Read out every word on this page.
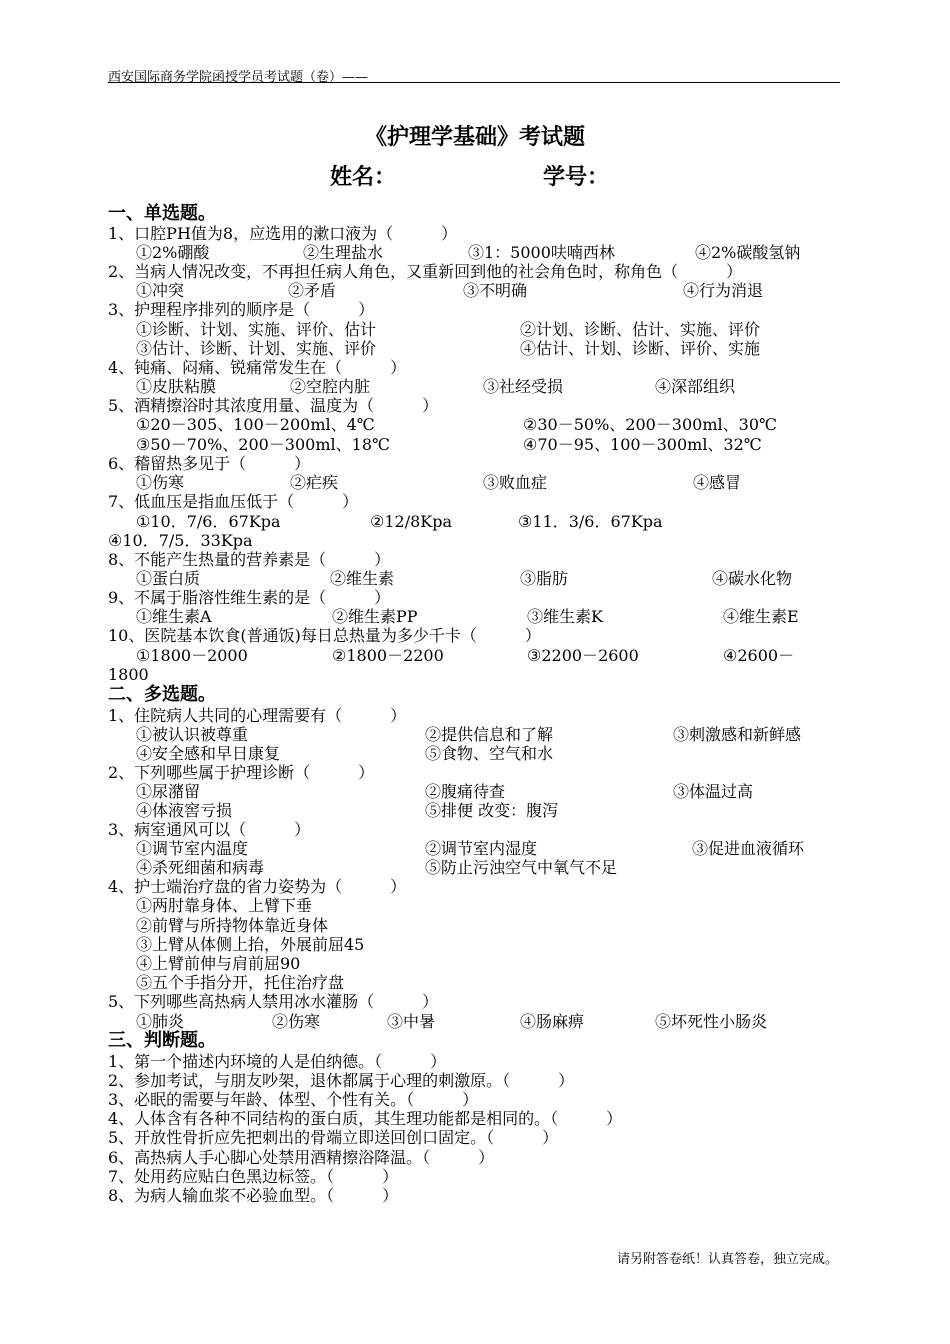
西安国际商务学院函授学员考试题（卷）——
《护理学基础》考试题
姓名：	学号：
一、单选题。
1、口腔PH值为8，应选用的漱口液为（　　　）
①2%硼酸	②生理盐水	③1：5000呋喃西林	④2%碳酸氢钠
2、当病人情况改变，不再担任病人角色，又重新回到他的社会角色时，称角色（　　　）
①冲突	②矛盾	③不明确	④行为消退
3、护理程序排列的顺序是（　　　）
①诊断、计划、实施、评价、估计	②计划、诊断、估计、实施、评价
③估计、诊断、计划、实施、评价	④估计、计划、诊断、评价、实施
4、钝痛、闷痛、锐痛常发生在（　　　）
①皮肤粘膜	②空腔内脏	③社经受损	④深部组织
5、酒精擦浴时其浓度用量、温度为（　　　）
①20－305、100－200ml、4℃	②30－50%、200－300ml、30℃
③50－70%、200－300ml、18℃	④70－95、100－300ml、32℃
6、稽留热多见于（　　　）
①伤寒	②疟疾	③败血症	④感冒
7、低血压是指血压低于（　　　）
①10．7/6．67Kpa	②12/8Kpa	③11．3/6．67Kpa
④10．7/5．33Kpa
8、不能产生热量的营养素是（　　　）
①蛋白质	②维生素	③脂肪	④碳水化物
9、不属于脂溶性维生素的是（　　　）
①维生素A	②维生素PP	③维生素K	④维生素E
10、医院基本饮食(普通饭)每日总热量为多少千卡（　　　）
①1800－2000	②1800－2200	③2200－2600	④2600－
1800
二、多选题。
1、住院病人共同的心理需要有（　　　）
①被认识被尊重	②提供信息和了解	③刺激感和新鲜感
④安全感和早日康复	⑤食物、空气和水
2、下列哪些属于护理诊断（　　　）
①尿潴留	②腹痛待查	③体温过高
④体液窖亏损	⑤排便 改变：腹泻
3、病室通风可以（　　　）
①调节室内温度	②调节室内湿度	③促进血液循环
④杀死细菌和病毒	⑤防止污浊空气中氧气不足
4、护士端治疗盘的省力姿势为（　　　）
①两肘靠身体、上臂下垂
②前臂与所持物体靠近身体
③上臂从体侧上抬，外展前屈45
④上臂前伸与肩前屈90
⑤五个手指分开，托住治疗盘
5、下列哪些高热病人禁用冰水灌肠（　　　）
①肺炎	②伤寒	③中暑	④肠麻痹	⑤坏死性小肠炎
三、判断题。
1、第一个描述内环境的人是伯纳德。（　　　）
2、参加考试，与朋友吵架，退休都属于心理的刺激原。（　　　）
3、必眠的需要与年龄、体型、个性有关。（　　　）
4、人体含有各种不同结构的蛋白质，其生理功能都是相同的。（　　　）
5、开放性骨折应先把刺出的骨端立即送回创口固定。（　　　）
6、高热病人手心脚心处禁用酒精擦浴降温。（　　　）
7、处用药应贴白色黑边标签。（　　　）
8、为病人输血浆不必验血型。（　　　）
请另附答卷纸！认真答卷，独立完成。
